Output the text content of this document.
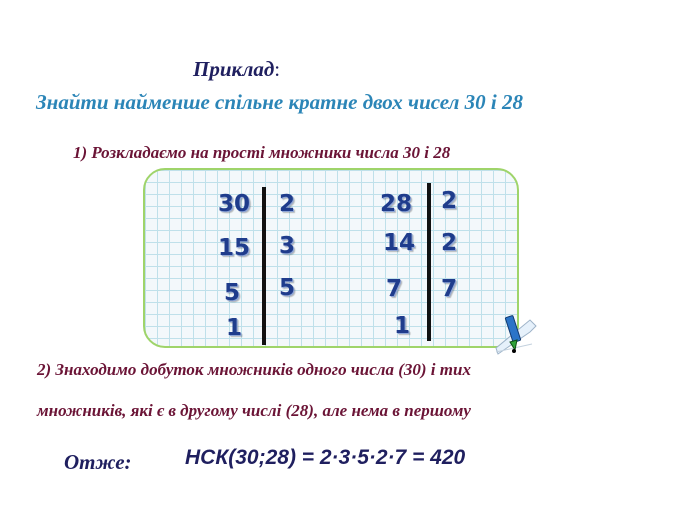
Приклад:
Знайти найменше спільне кратне двох чисел 30 і 28
1) Розкладаємо на прості множники числа 30 і 28
30
15
5
1
2
3
5
28
14
7
1
2
2
7
2) Знаходимо добуток множників одного числа (30) і тих
множників, які є в другому числі (28), але нема в першому
Отже:	НСК(30;28) = 2·3·5·2·7 = 420
